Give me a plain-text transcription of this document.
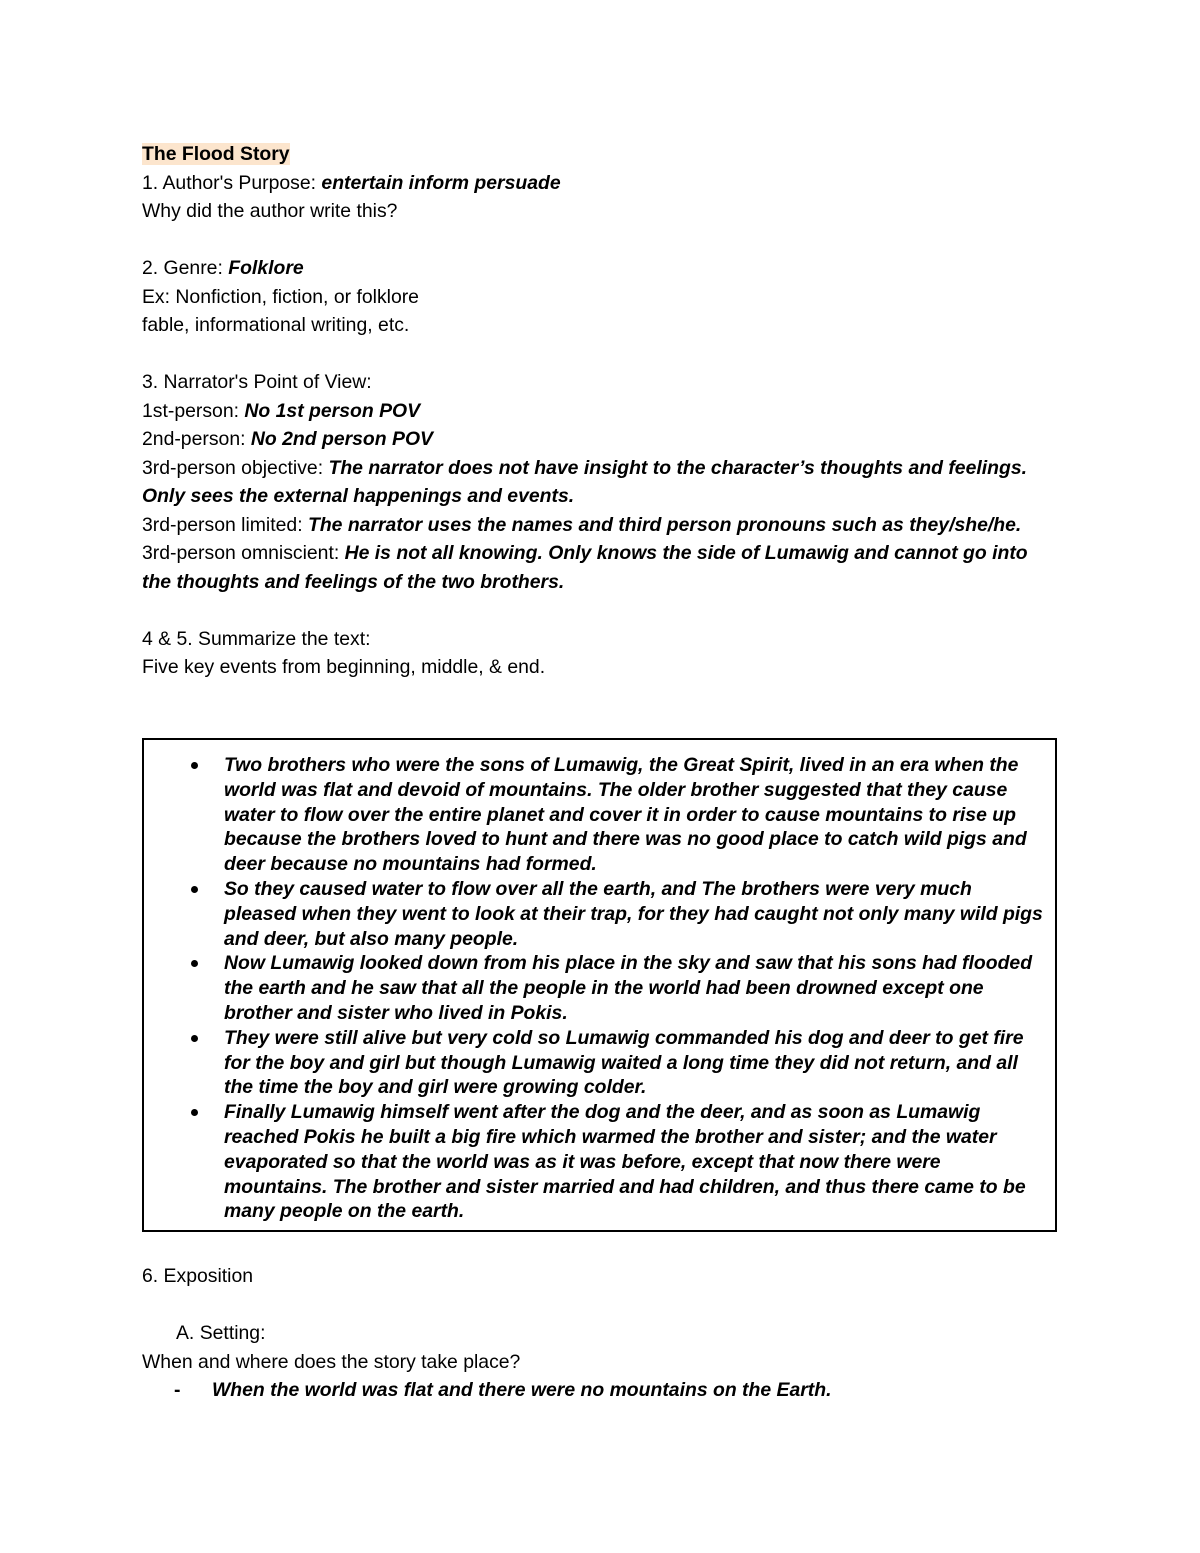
The Flood Story
1. Author's Purpose: entertain inform persuade
Why did the author write this?
2. Genre: Folklore
Ex: Nonfiction, fiction, or folklore
fable, informational writing, etc.
3. Narrator's Point of View:
1st-person: No 1st person POV
2nd-person: No 2nd person POV
3rd-person objective: The narrator does not have insight to the character’s thoughts and feelings. Only sees the external happenings and events.
3rd-person limited: The narrator uses the names and third person pronouns such as they/she/he.
3rd-person omniscient: He is not all knowing. Only knows the side of Lumawig and cannot go into the thoughts and feelings of the two brothers.
4 & 5. Summarize the text:
Five key events from beginning, middle, & end.
Two brothers who were the sons of Lumawig, the Great Spirit, lived in an era when the world was flat and devoid of mountains. The older brother suggested that they cause water to flow over the entire planet and cover it in order to cause mountains to rise up because the brothers loved to hunt and there was no good place to catch wild pigs and deer because no mountains had formed.
So they caused water to flow over all the earth, and The brothers were very much pleased when they went to look at their trap, for they had caught not only many wild pigs and deer, but also many people.
Now Lumawig looked down from his place in the sky and saw that his sons had flooded the earth and he saw that all the people in the world had been drowned except one brother and sister who lived in Pokis.
They were still alive but very cold so Lumawig commanded his dog and deer to get fire for the boy and girl but though Lumawig waited a long time they did not return, and all the time the boy and girl were growing colder.
Finally Lumawig himself went after the dog and the deer, and as soon as Lumawig reached Pokis he built a big fire which warmed the brother and sister; and the water evaporated so that the world was as it was before, except that now there were mountains. The brother and sister married and had children, and thus there came to be many people on the earth.
6. Exposition
A. Setting:
When and where does the story take place?
- When the world was flat and there were no mountains on the Earth.
